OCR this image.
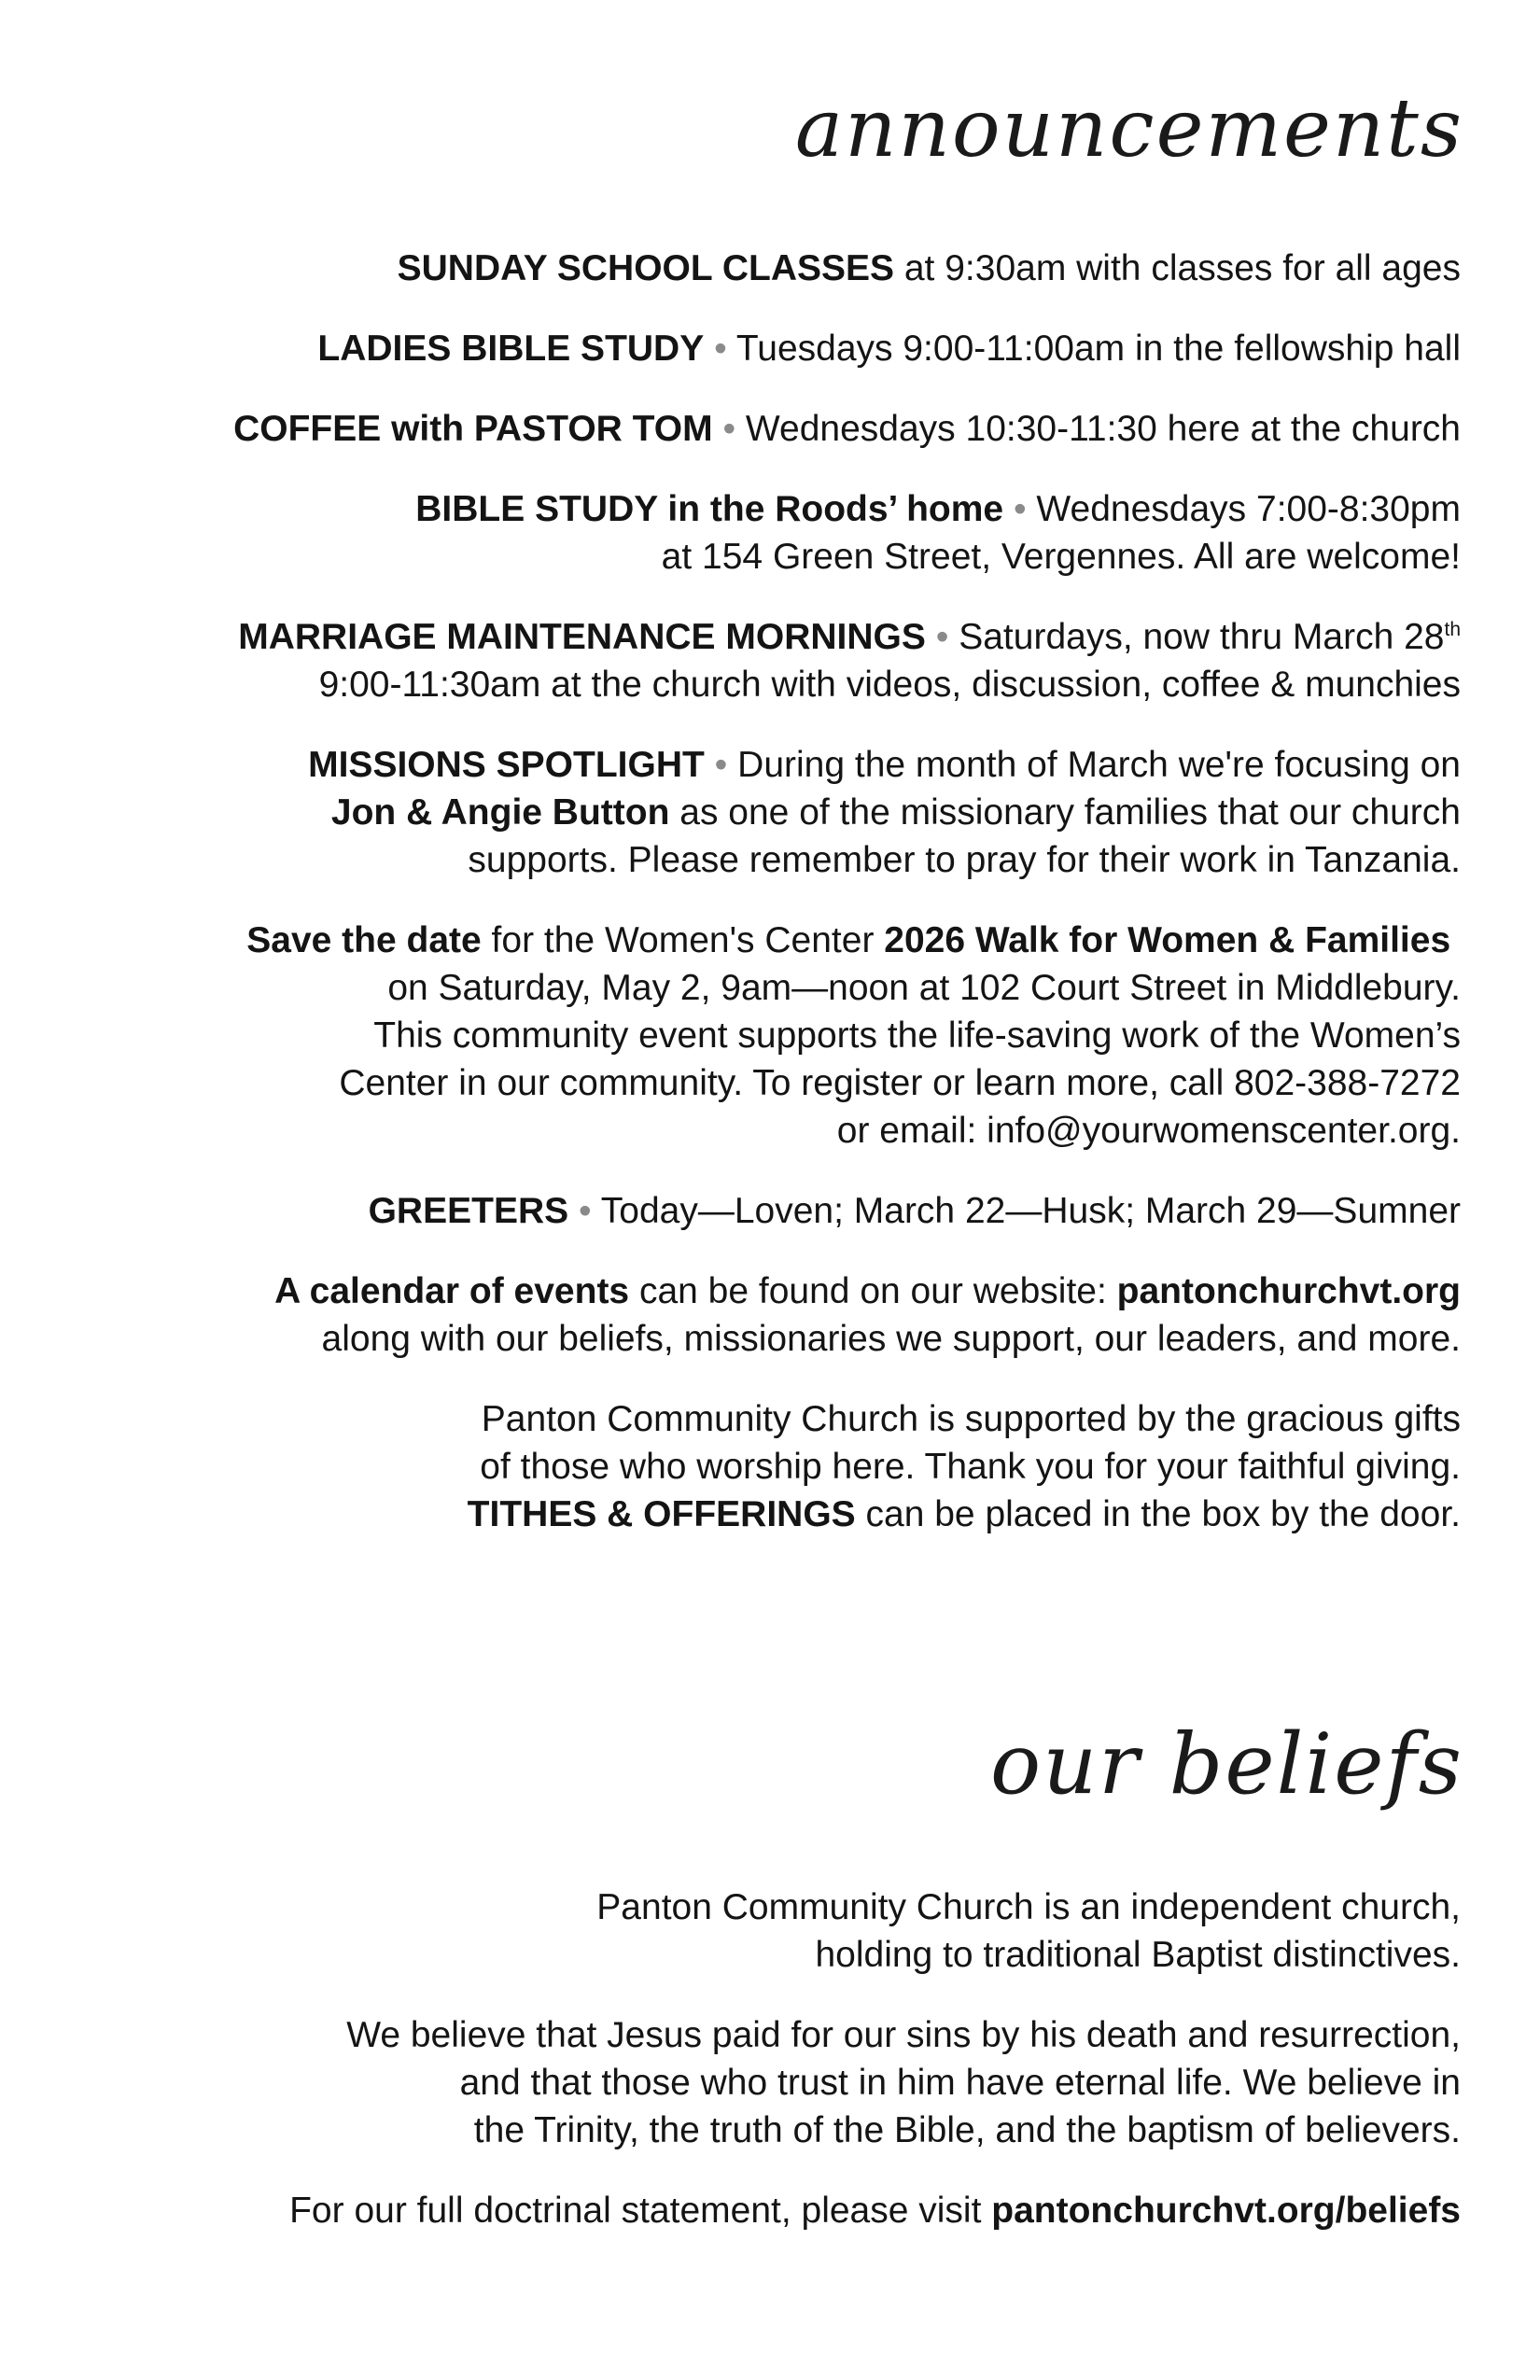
announcements

SUNDAY SCHOOL CLASSES at 9:30am with classes for all ages

LADIES BIBLE STUDY • Tuesdays 9:00-11:00am in the fellowship hall

COFFEE with PASTOR TOM • Wednesdays 10:30-11:30 here at the church

BIBLE STUDY in the Roods’ home • Wednesdays 7:00-8:30pm
at 154 Green Street, Vergennes. All are welcome!

MARRIAGE MAINTENANCE MORNINGS • Saturdays, now thru March 28th
9:00-11:30am at the church with videos, discussion, coffee & munchies

MISSIONS SPOTLIGHT • During the month of March we're focusing on
Jon & Angie Button as one of the missionary families that our church
supports. Please remember to pray for their work in Tanzania.

Save the date for the Women's Center 2026 Walk for Women & Families
on Saturday, May 2, 9am—noon at 102 Court Street in Middlebury.
This community event supports the life-saving work of the Women’s
Center in our community. To register or learn more, call 802-388-7272
or email: info@yourwomenscenter.org.

GREETERS • Today—Loven; March 22—Husk; March 29—Sumner

A calendar of events can be found on our website: pantonchurchvt.org
along with our beliefs, missionaries we support, our leaders, and more.

Panton Community Church is supported by the gracious gifts
of those who worship here. Thank you for your faithful giving.
TITHES & OFFERINGS can be placed in the box by the door.

our beliefs

Panton Community Church is an independent church,
holding to traditional Baptist distinctives.

We believe that Jesus paid for our sins by his death and resurrection,
and that those who trust in him have eternal life. We believe in
the Trinity, the truth of the Bible, and the baptism of believers.

For our full doctrinal statement, please visit pantonchurchvt.org/beliefs
